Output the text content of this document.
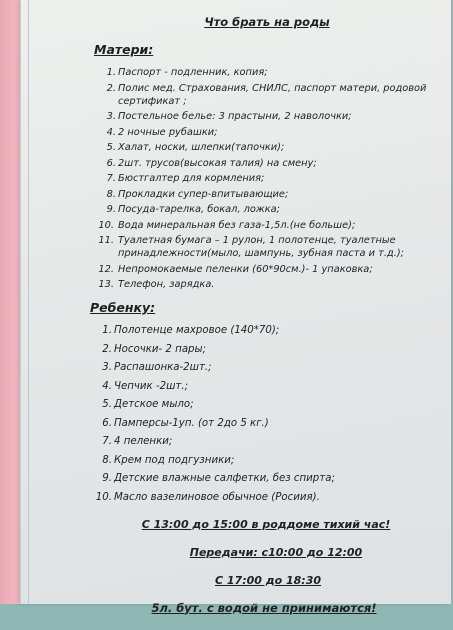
Что брать на роды
Матери:
1. Паспорт - подленник, копия;
2. Полис мед. Страхования, СНИЛС, паспорт матери, родовой сертификат ;
3. Постельное белье: 3 прастыни, 2 наволочки;
4. 2 ночные рубашки;
5. Халат, носки, шлепки(тапочки);
6. 2шт. трусов(высокая талия) на смену;
7. Бюстгалтер для кормления;
8. Прокладки супер-впитывающие;
9. Посуда-тарелка, бокал, ложка;
10. Вода минеральная без газа-1,5л.(не больше);
11. Туалетная бумага – 1 рулон, 1 полотенце, туалетные принадлежности(мыло, шампунь, зубная паста и т.д.);
12. Непромокаемые пеленки (60*90см.)- 1 упаковка;
13. Телефон, зарядка.
Ребенку:
1. Полотенце махровое (140*70);
2. Носочки- 2 пары;
3. Распашонка-2шт.;
4. Чепчик -2шт.;
5. Детское мыло;
6. Памперсы-1уп. (от 2до 5 кг.)
7. 4 пеленки;
8. Крем под подгузники;
9. Детские влажные салфетки, без спирта;
10. Масло вазелиновое обычное (Росиия).

С 13:00 до 15:00 в роддоме тихий час!

Передачи: с10:00 до 12:00

С 17:00 до 18:30

5л. бут. с водой не принимаются!
